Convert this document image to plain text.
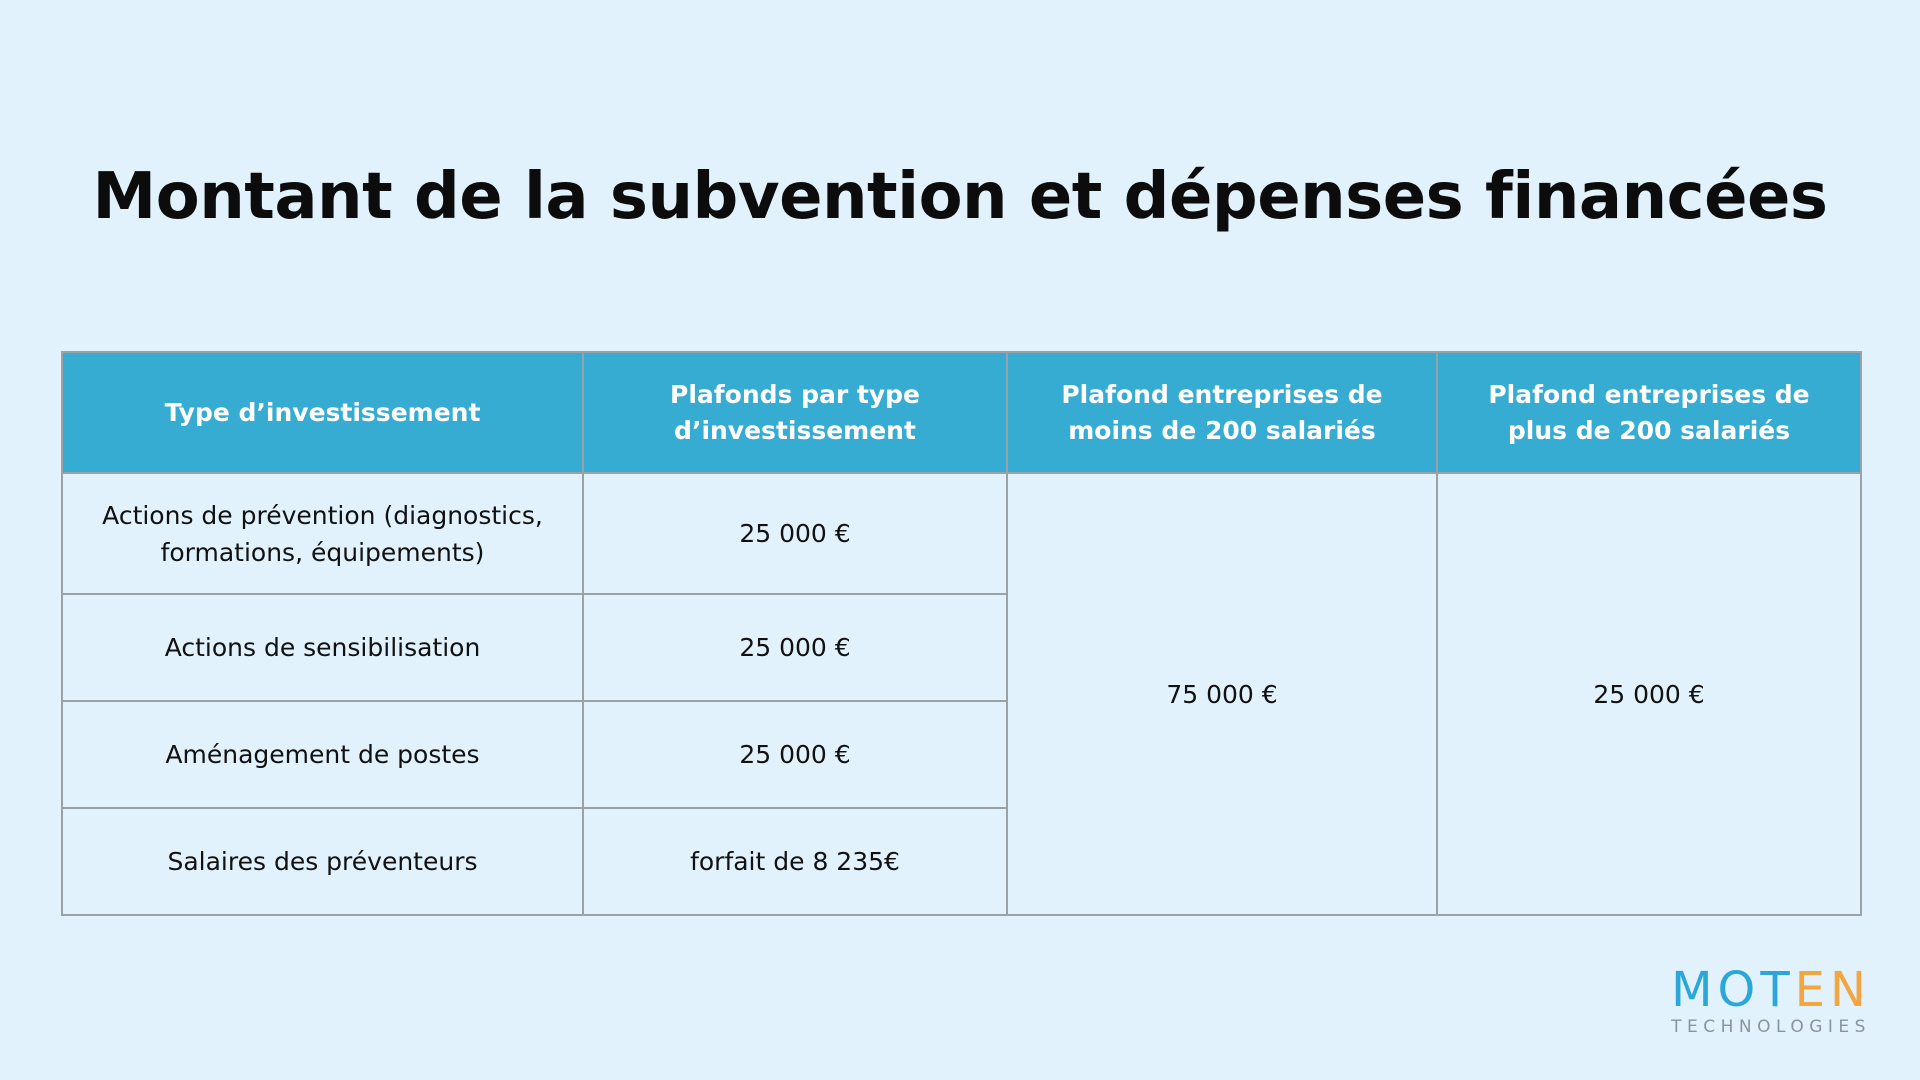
Montant de la subvention et dépenses financées
Type d’investissement	Plafonds par type d’investissement	Plafond entreprises de moins de 200 salariés	Plafond entreprises de plus de 200 salariés
Actions de prévention (diagnostics, formations, équipements)	25 000 €	75 000 €	25 000 €
Actions de sensibilisation	25 000 €		
Aménagement de postes	25 000 €		
Salaires des préventeurs	forfait de 8 235€		
MOTEN
TECHNOLOGIES
